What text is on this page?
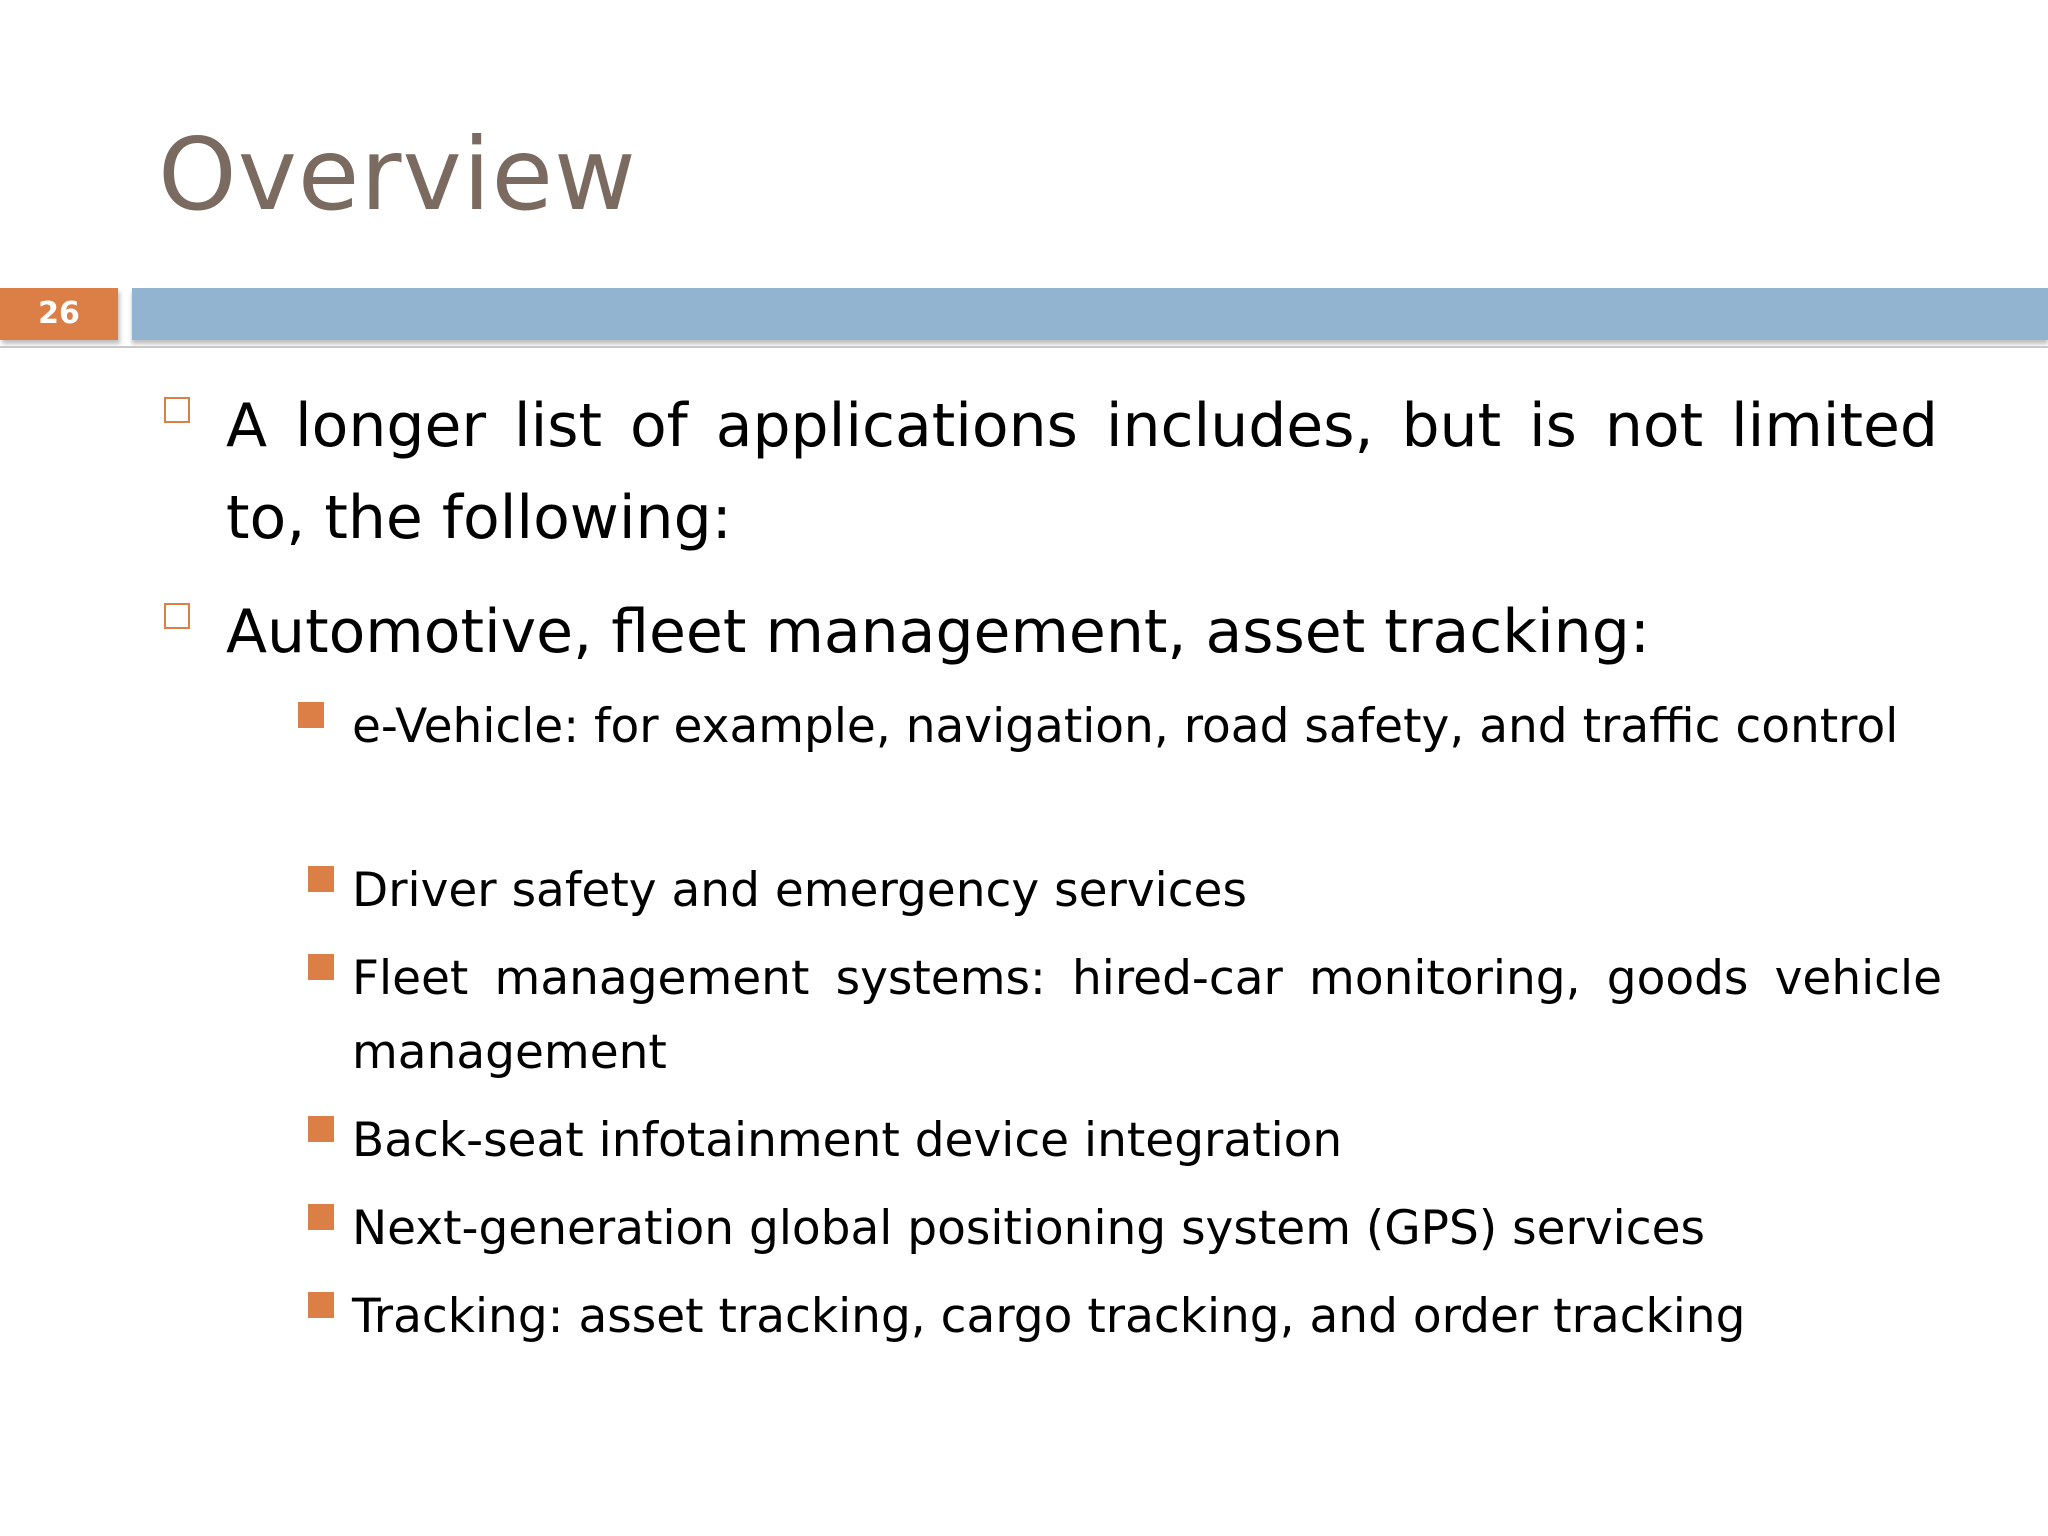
Overview
26
A longer list of applications includes, but is not limited to, the following:
Automotive, fleet management, asset tracking:
e-Vehicle: for example, navigation, road safety, and traffic control
Driver safety and emergency services
Fleet management systems: hired-car monitoring, goods vehicle management
Back-seat infotainment device integration
Next-generation global positioning system (GPS) services
Tracking: asset tracking, cargo tracking, and order tracking
